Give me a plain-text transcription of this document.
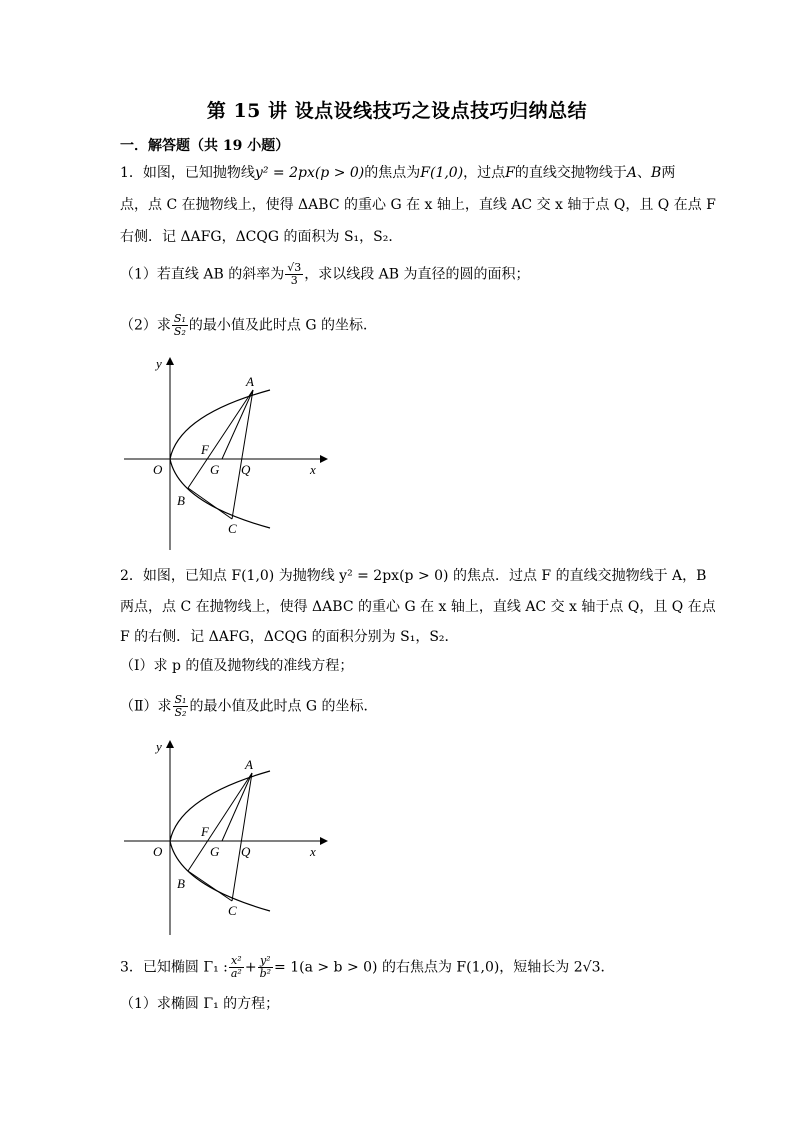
第 15 讲 设点设线技巧之设点技巧归纳总结
一．解答题（共 19 小题）
1．如图，已知抛物线y² = 2px(p > 0)的焦点为F(1,0)，过点F的直线交抛物线于A、B两
点，点 C 在抛物线上，使得 ΔABC 的重心 G 在 x 轴上，直线 AC 交 x 轴于点 Q，且 Q 在点 F
右侧．记 ΔAFG，ΔCQG 的面积为 S₁，S₂．
（1）若直线 AB 的斜率为 $\frac{√3}{3}$ ，求以线段 AB 为直径的圆的面积；
（2）求 $\frac{\text{S₁}}{\text{S₂}}$ 的最小值及此时点 G 的坐标．
y
x
O
A
F
G Q
B
C
2．如图，已知点 F(1,0) 为抛物线 y² = 2px(p > 0) 的焦点．过点 F 的直线交抛物线于 A，B
两点，点 C 在抛物线上，使得 ΔABC 的重心 G 在 x 轴上，直线 AC 交 x 轴于点 Q，且 Q 在点
F 的右侧．记 ΔAFG，ΔCQG 的面积分别为 S₁，S₂．
（Ⅰ）求 p 的值及抛物线的准线方程；
（Ⅱ）求 $\frac{\text{S₁}}{\text{S₂}}$ 的最小值及此时点 G 的坐标．
y
x
O
A
F
G Q
B
C
3．已知椭圆 Γ₁ : $\frac{\text{x²}}{\text{a²}} + \frac{\text{y²}}{\text{b²}} = 1(a > b > 0)$ 的右焦点为 F(1,0)，短轴长为 2√3．
（1）求椭圆 Γ₁ 的方程；
